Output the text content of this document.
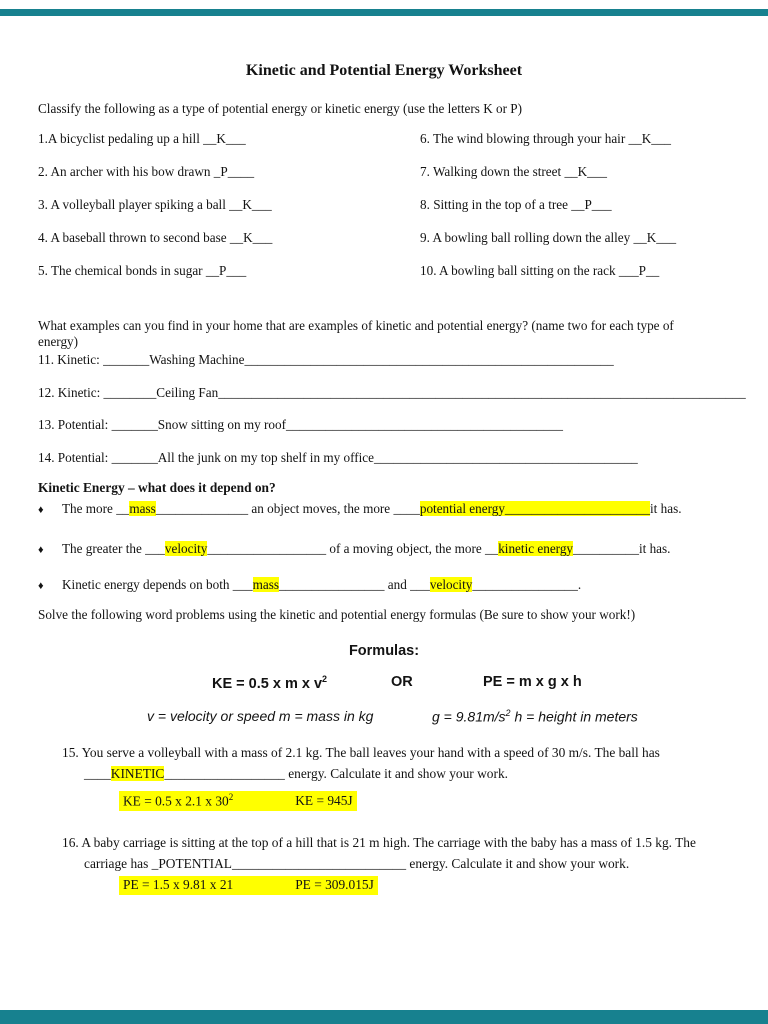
Kinetic and Potential Energy Worksheet
Classify the following as a type of potential energy or kinetic energy (use the letters K or P)
1.A bicyclist pedaling up a hill __K___
2. An archer with his bow drawn _P____
3. A volleyball player spiking a ball __K___
4. A baseball thrown to second base __K___
5. The chemical bonds in sugar __P___
6. The wind blowing through your hair __K___
7. Walking down the street __K___
8. Sitting in the top of a tree __P___
9. A bowling ball rolling down the alley __K___
10. A bowling ball sitting on the rack ___P__
What examples can you find in your home that are examples of kinetic and potential energy? (name two for each type of
energy)
11. Kinetic: _______Washing Machine________________________________________________________
12. Kinetic: ________Ceiling Fan________________________________________________________________________________
13. Potential: _______Snow sitting on my roof__________________________________________
14. Potential: _______All the junk on my top shelf in my office________________________________________
Kinetic Energy – what does it depend on?
♦ The more __mass______________ an object moves, the more ____potential energy______________________it has.
♦ The greater the ___velocity__________________ of a moving object, the more __kinetic energy__________it has.
♦ Kinetic energy depends on both ___mass________________ and ___velocity________________.
Solve the following word problems using the kinetic and potential energy formulas (Be sure to show your work!)
Formulas:
KE = 0.5 x m x $v^2$	OR	PE = m x g x h
v = velocity or speed m = mass in kg	$g = 9.81m/s^2$ h = height in meters
15. You serve a volleyball with a mass of 2.1 kg. The ball leaves your hand with a speed of 30 m/s. The ball has
____KINETIC__________________ energy. Calculate it and show your work.
KE = 0.5 x 2.1 x $30^2$	KE = 945J
16. A baby carriage is sitting at the top of a hill that is 21 m high. The carriage with the baby has a mass of 1.5 kg. The
carriage has _POTENTIAL__________________________ energy. Calculate it and show your work.
PE = 1.5 x 9.81 x 21	PE = 309.015J
